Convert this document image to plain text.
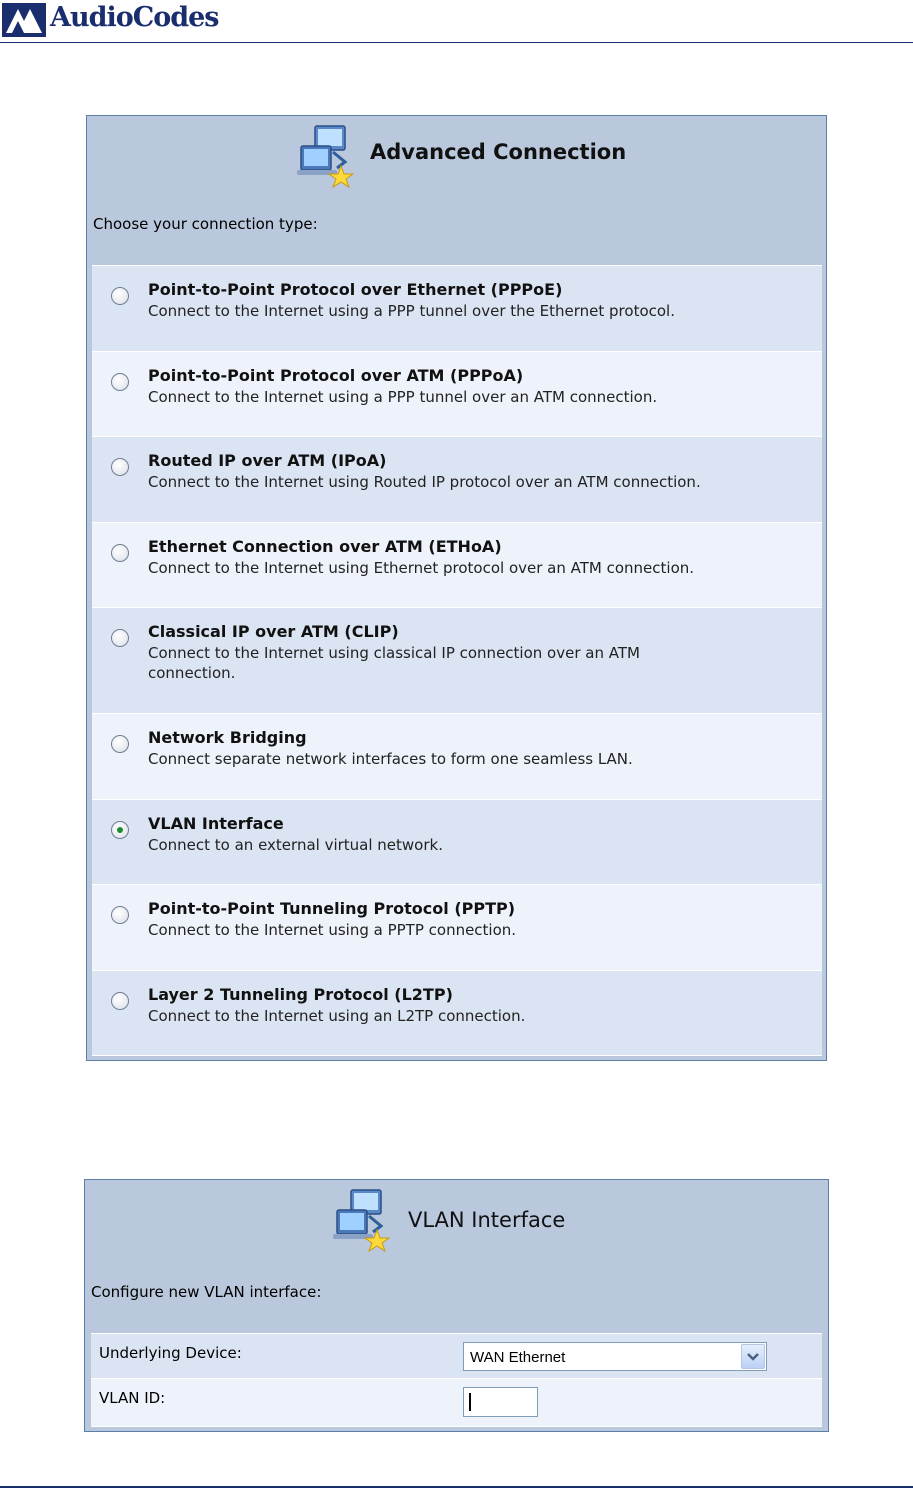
AudioCodes
Advanced Connection
Choose your connection type:
Point-to-Point Protocol over Ethernet (PPPoE)
Connect to the Internet using a PPP tunnel over the Ethernet protocol.
Point-to-Point Protocol over ATM (PPPoA)
Connect to the Internet using a PPP tunnel over an ATM connection.
Routed IP over ATM (IPoA)
Connect to the Internet using Routed IP protocol over an ATM connection.
Ethernet Connection over ATM (ETHoA)
Connect to the Internet using Ethernet protocol over an ATM connection.
Classical IP over ATM (CLIP)
Connect to the Internet using classical IP connection over an ATM connection.
Network Bridging
Connect separate network interfaces to form one seamless LAN.
VLAN Interface
Connect to an external virtual network.
Point-to-Point Tunneling Protocol (PPTP)
Connect to the Internet using a PPTP connection.
Layer 2 Tunneling Protocol (L2TP)
Connect to the Internet using an L2TP connection.
VLAN Interface
Configure new VLAN interface:
Underlying Device:	WAN Ethernet
VLAN ID:
